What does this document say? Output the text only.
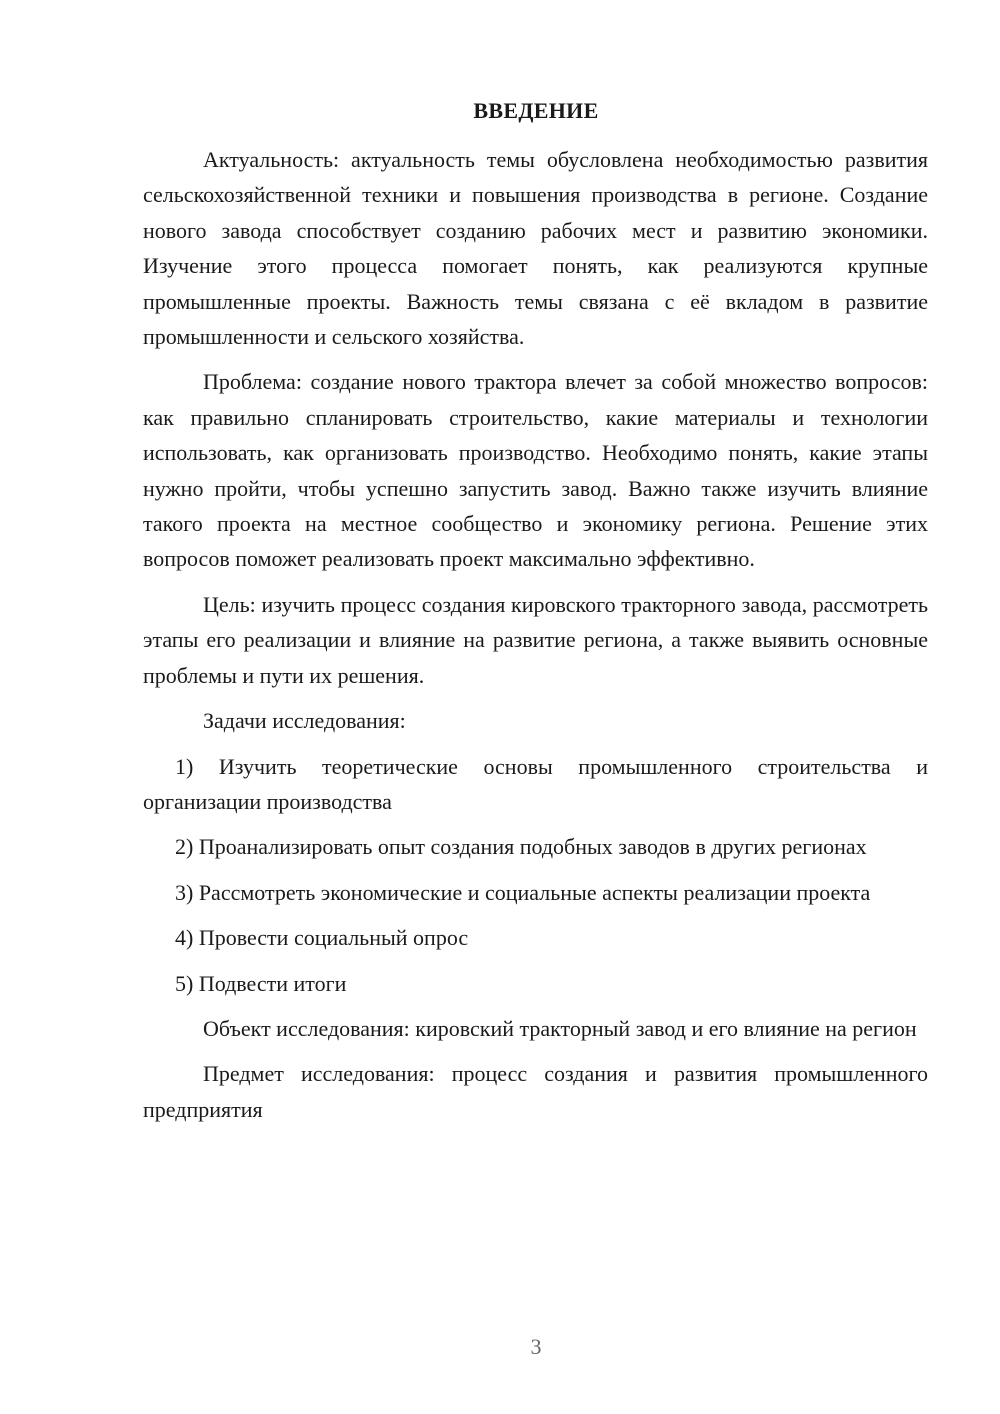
ВВЕДЕНИЕ

Актуальность: актуальность темы обусловлена необходимостью развития сельскохозяйственной техники и повышения производства в регионе. Создание нового завода способствует созданию рабочих мест и развитию экономики. Изучение этого процесса помогает понять, как реализуются крупные промышленные проекты. Важность темы связана с её вкладом в развитие промышленности и сельского хозяйства.

Проблема: создание нового трактора влечет за собой множество вопросов: как правильно спланировать строительство, какие материалы и технологии использовать, как организовать производство. Необходимо понять, какие этапы нужно пройти, чтобы успешно запустить завод. Важно также изучить влияние такого проекта на местное сообщество и экономику региона. Решение этих вопросов поможет реализовать проект максимально эффективно.

Цель: изучить процесс создания кировского тракторного завода, рассмотреть этапы его реализации и влияние на развитие региона, а также выявить основные проблемы и пути их решения.

Задачи исследования:

1) Изучить теоретические основы промышленного строительства и организации производства

2) Проанализировать опыт создания подобных заводов в других регионах

3) Рассмотреть экономические и социальные аспекты реализации проекта

4) Провести социальный опрос

5) Подвести итоги

Объект исследования: кировский тракторный завод и его влияние на регион

Предмет исследования: процесс создания и развития промышленного предприятия

3
